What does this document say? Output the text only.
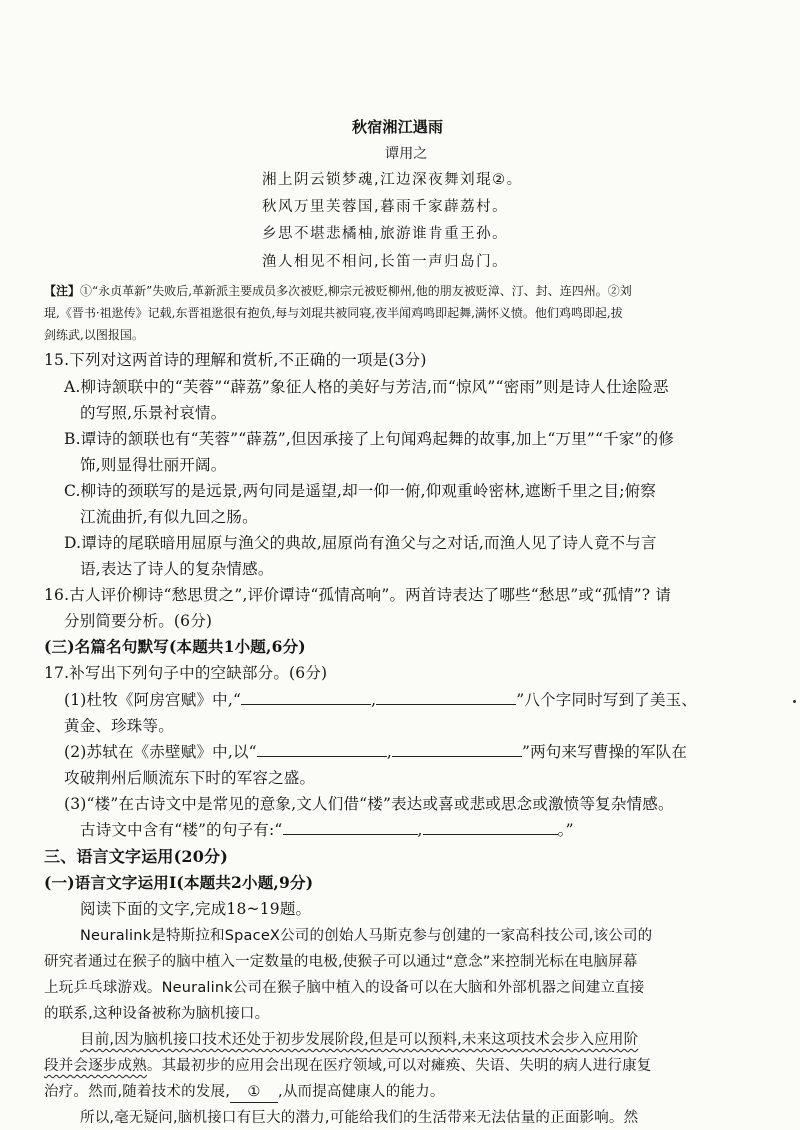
秋宿湘江遇雨
谭用之
湘上阴云锁梦魂,江边深夜舞刘琨②。
秋风万里芙蓉国,暮雨千家薜荔村。
乡思不堪悲橘柚,旅游谁肯重王孙。
渔人相见不相问,长笛一声归岛门。
【注】①“永贞革新”失败后,革新派主要成员多次被贬,柳宗元被贬柳州,他的朋友被贬漳、汀、封、连四州。②刘
琨,《晋书·祖逖传》记载,东晋祖逖很有抱负,每与刘琨共被同寝,夜半闻鸡鸣即起舞,满怀义愤。他们鸡鸣即起,拔
剑练武,以图报国。
15.下列对这两首诗的理解和赏析,不正确的一项是(3分)
A.柳诗颔联中的“芙蓉”“薜荔”象征人格的美好与芳洁,而“惊风”“密雨”则是诗人仕途险恶
的写照,乐景衬哀情。
B.谭诗的颔联也有“芙蓉”“薜荔”,但因承接了上句闻鸡起舞的故事,加上“万里”“千家”的修
饰,则显得壮丽开阔。
C.柳诗的颈联写的是远景,两句同是遥望,却一仰一俯,仰观重岭密林,遮断千里之目;俯察
江流曲折,有似九回之肠。
D.谭诗的尾联暗用屈原与渔父的典故,屈原尚有渔父与之对话,而渔人见了诗人竟不与言
语,表达了诗人的复杂情感。
16.古人评价柳诗“愁思贯之”,评价谭诗“孤情高响”。两首诗表达了哪些“愁思”或“孤情”? 请
分别简要分析。(6分)
(三)名篇名句默写(本题共1小题,6分)
17.补写出下列句子中的空缺部分。(6分)
(1)杜牧《阿房宫赋》中,“	,	”八个字同时写到了美玉、
黄金、珍珠等。
(2)苏轼在《赤壁赋》中,以“	,	”两句来写曹操的军队在
攻破荆州后顺流东下时的军容之盛。
(3)“楼”在古诗文中是常见的意象,文人们借“楼”表达或喜或悲或思念或激愤等复杂情感。
古诗文中含有“楼”的句子有:“	,	。”
三、语言文字运用(20分)
(一)语言文字运用Ⅰ(本题共2小题,9分)
阅读下面的文字,完成18~19题。
Neuralink是特斯拉和SpaceX公司的创始人马斯克参与创建的一家高科技公司,该公司的
研究者通过在猴子的脑中植入一定数量的电极,使猴子可以通过“意念”来控制光标在电脑屏幕
上玩乒乓球游戏。Neuralink公司在猴子脑中植入的设备可以在大脑和外部机器之间建立直接
的联系,这种设备被称为脑机接口。
目前,因为脑机接口技术还处于初步发展阶段,但是可以预料,未来这项技术会步入应用阶
段并会逐步成熟。其最初步的应用会出现在医疗领域,可以对瘫痪、失语、失明的病人进行康复
治疗。然而,随着技术的发展, ① ,从而提高健康人的能力。
所以,毫无疑问,脑机接口有巨大的潜力,可能给我们的生活带来无法估量的正面影响。然
